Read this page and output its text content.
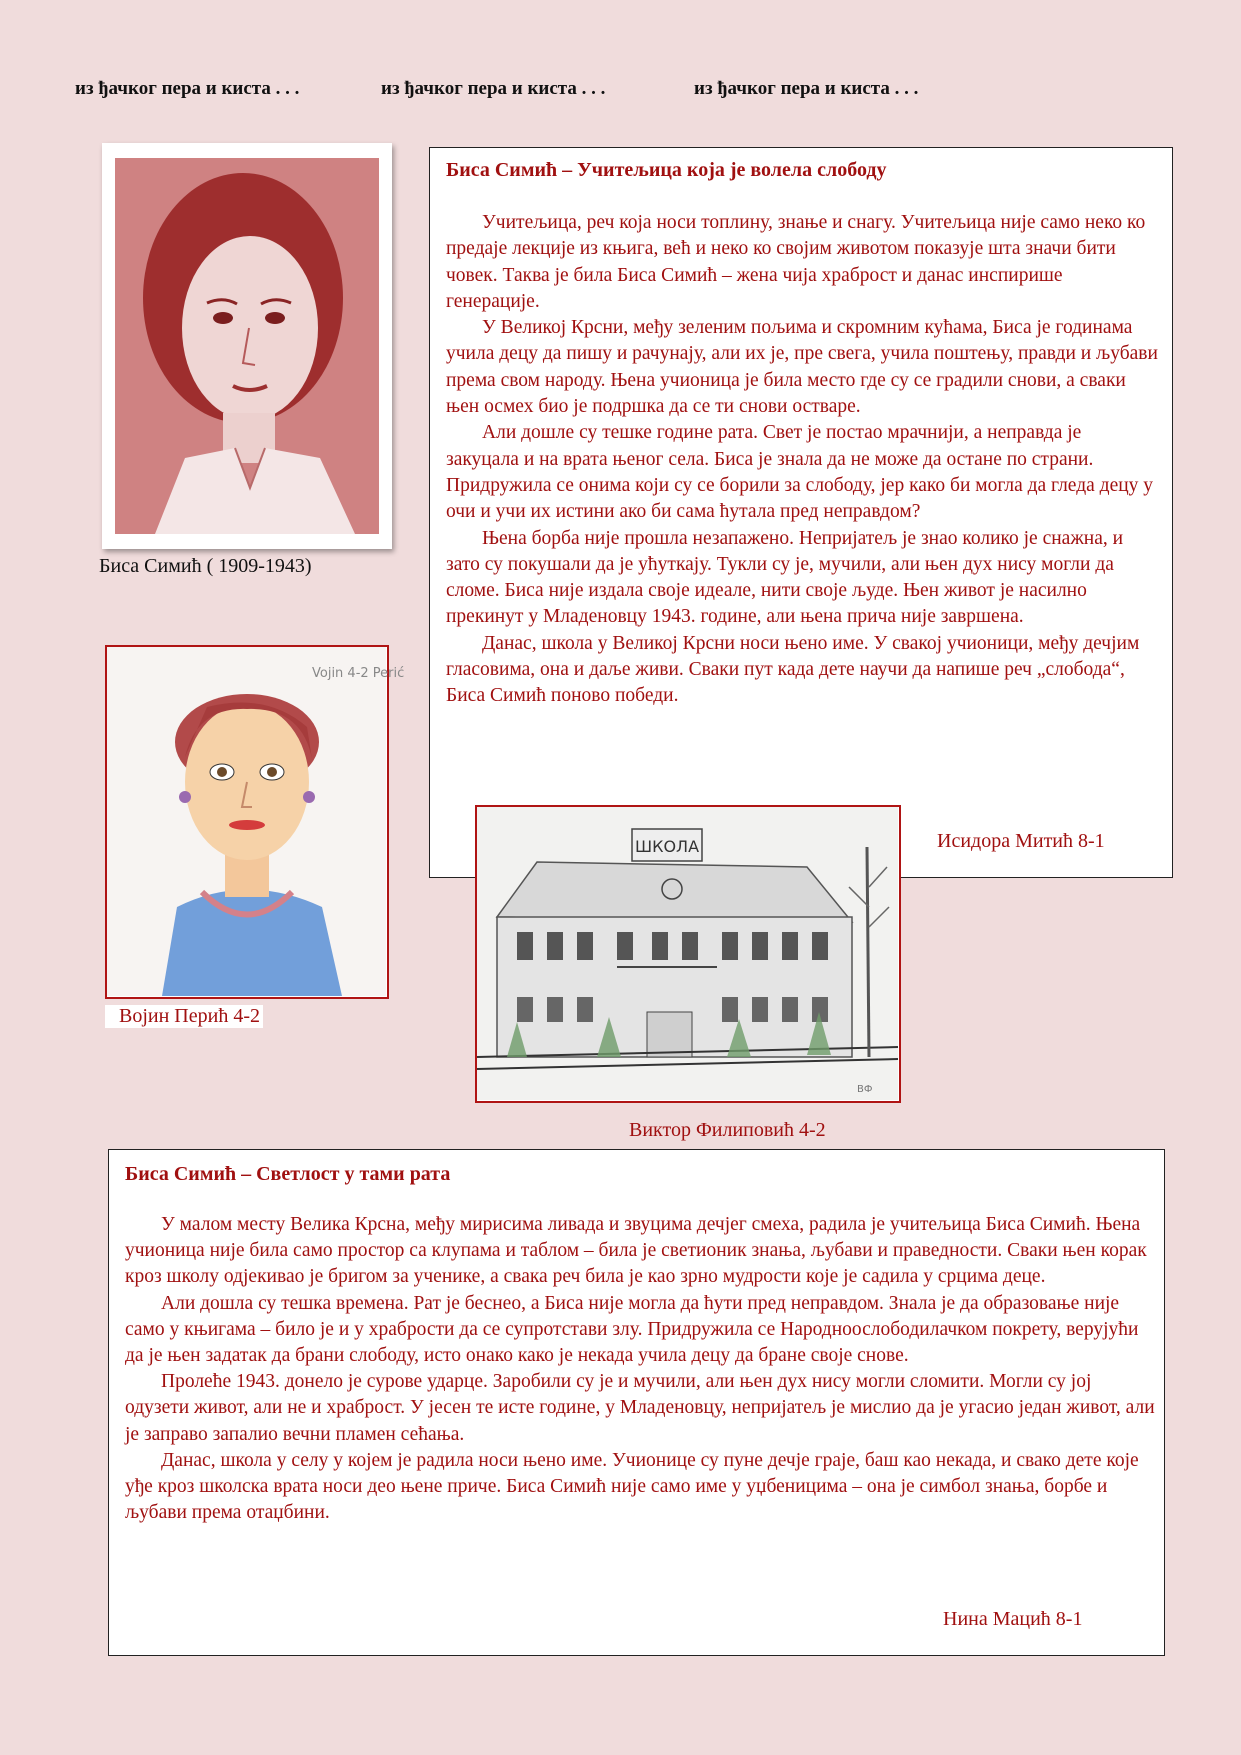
из ђачког пера и киста . . .	из ђачког пера и киста . . .	из ђачког пера и киста . . .
Биса Симић ( 1909-1943)
Биса Симић – Учитељица која је волела слободу

Учитељица, реч која носи топлину, знање и снагу. Учитељица није само неко ко предаје лекције из књига, већ и неко ко својим животом показује шта значи бити човек. Таква је била Биса Симић – жена чија храброст и данас инспирише генерације.

У Великој Крсни, међу зеленим пољима и скромним кућама, Биса је годинама учила децу да пишу и рачунају, али их је, пре свега, учила поштењу, правди и љубави према свом народу. Њена учионица је била место где су се градили снови, а сваки њен осмех био је подршка да се ти снови остваре.

Али дошле су тешке године рата. Свет је постао мрачнији, а неправда је закуцала и на врата њеног села. Биса је знала да не може да остане по страни. Придружила се онима који су се борили за слободу, јер како би могла да гледа децу у очи и учи их истини ако би сама ћутала пред неправдом?

Њена борба није прошла незапажено. Непријатељ је знао колико је снажна, и зато су покушали да је ућуткају. Тукли су је, мучили, али њен дух нису могли да сломе. Биса није издала своје идеале, нити своје људе. Њен живот је насилно прекинут у Младеновцу 1943. године, али њена прича није завршена.

Данас, школа у Великој Крсни носи њено име. У свакој учионици, међу дечјим гласовима, она и даље живи. Сваки пут када дете научи да напише реч „слобода“, Биса Симић поново победи.

Исидора Митић 8-1
Vojin 4-2 Perić
Војин Перић 4-2
ШКОЛА
ВФ
Виктор Филиповић 4-2
Биса Симић – Светлост у тами рата

У малом месту Велика Крсна, међу мирисима ливада и звуцима дечјег смеха, радила је учитељица Биса Симић. Њена учионица није била само простор са клупама и таблом – била је светионик знања, љубави и праведности. Сваки њен корак кроз школу одјекивао је бригом за ученике, а свака реч била је као зрно мудрости које је садила у срцима деце.

Али дошла су тешка времена. Рат је беснео, а Биса није могла да ћути пред неправдом. Знала је да образовање није само у књигама – било је и у храбрости да се супротстави злу. Придружила се Народноослободилачком покрету, верујући да је њен задатак да брани слободу, исто онако како је некада учила децу да бране своје снове.

Пролеће 1943. донело је сурове ударце. Заробили су је и мучили, али њен дух нису могли сломити. Могли су јој одузети живот, али не и храброст. У јесен те исте године, у Младеновцу, непријатељ је мислио да је угасио један живот, али је заправо запалио вечни пламен сећања.

Данас, школа у селу у којем је радила носи њено име. Учионице су пуне дечје граје, баш као некада, и свако дете које уђе кроз школска врата носи део њене приче. Биса Симић није само име у уџбеницима – она је симбол знања, борбе и љубави према отаџбини.

Нина Мацић 8-1
